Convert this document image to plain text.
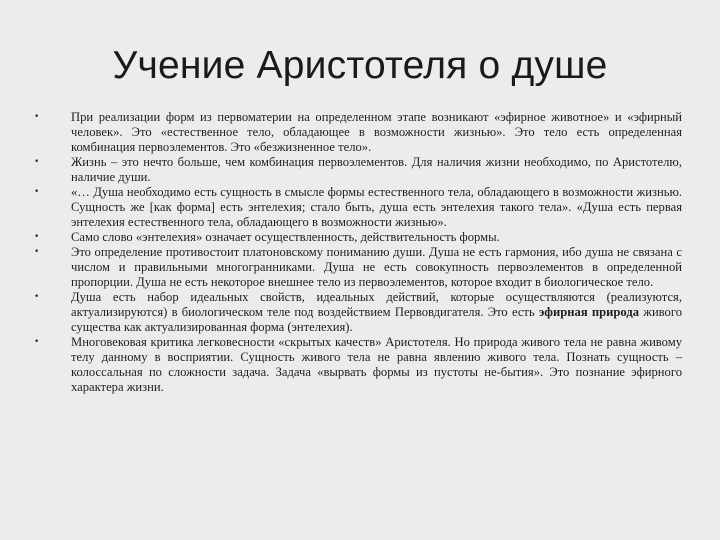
Учение Аристотеля о душе
•	При реализации форм из первоматерии на определенном этапе возникают «эфирное животное» и «эфирный человек». Это «естественное тело, обладающее в возможности жизнью». Это тело есть определенная комбинация первоэлементов. Это «безжизненное тело».
•	Жизнь – это нечто больше, чем комбинация первоэлементов. Для наличия жизни необходимо, по Аристотелю, наличие души.
•	«… Душа необходимо есть сущность в смысле формы естественного тела, обладающего в возможности жизнью. Сущность же [как форма] есть энтелехия; стало быть, душа есть энтелехия такого тела». «Душа есть первая энтелехия естественного тела, обладающего в возможности жизнью».
•	Само слово «энтелехия» означает осуществленность, действительность формы.
•	Это определение противостоит платоновскому пониманию души. Душа не есть гармония, ибо душа не связана с числом и правильными многогранниками. Душа не есть совокупность первоэлементов в определенной пропорции. Душа не есть некоторое внешнее тело из первоэлементов, которое входит в биологическое тело.
•	Душа есть набор идеальных свойств, идеальных действий, которые осуществляются (реализуются, актуализируются) в биологическом теле под воздействием Первовдигателя. Это есть эфирная природа живого существа как актуализированная форма (энтелехия).
•	Многовековая критика легковесности «скрытых качеств» Аристотеля. Но природа живого тела не равна живому телу данному в восприятии. Сущность живого тела не равна явлению живого тела. Познать сущность – колоссальная по сложности задача. Задача «вырвать формы из пустоты не-бытия». Это познание эфирного характера жизни.
